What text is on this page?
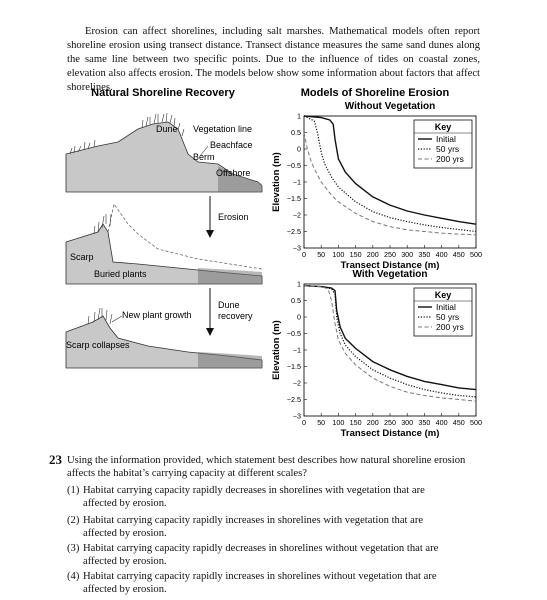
Erosion can affect shorelines, including salt marshes. Mathematical models often report shoreline erosion using transect distance. Transect distance measures the same sand dunes along the same line between two specific points. Due to the influence of tides on coastal zones, elevation also affects erosion. The models below show some information about factors that affect shorelines.

Natural Shoreline Recovery
Dune Vegetation line
Beachface
Berm
Offshore
Erosion
Scarp
Buried plants
Dune
recovery
New plant growth
Scarp collapses
Models of Shoreline Erosion
Without Vegetation
0 50 100 150 200 250 300 350 400 450 500
1
0.5
0
−0.5
−1
−1.5
−2
−2.5
−3
Transect Distance (m)
Elevation (m)
Key
Initial
50 yrs
200 yrs
With Vegetation
0 50 100 150 200 250 300 350 400 450 500
1
0.5
0
−0.5
−1
−1.5
−2
−2.5
−3
Transect Distance (m)
Elevation (m)
Key
Initial
50 yrs
200 yrs
23 Using the information provided, which statement best describes how natural shoreline erosion affects the habitat’s carrying capacity at different scales?
(1) Habitat carrying capacity rapidly decreases in shorelines with vegetation that are
affected by erosion.
(2) Habitat carrying capacity rapidly increases in shorelines with vegetation that are
affected by erosion.
(3) Habitat carrying capacity rapidly decreases in shorelines without vegetation that are
affected by erosion.
(4) Habitat carrying capacity rapidly increases in shorelines without vegetation that are
affected by erosion.
